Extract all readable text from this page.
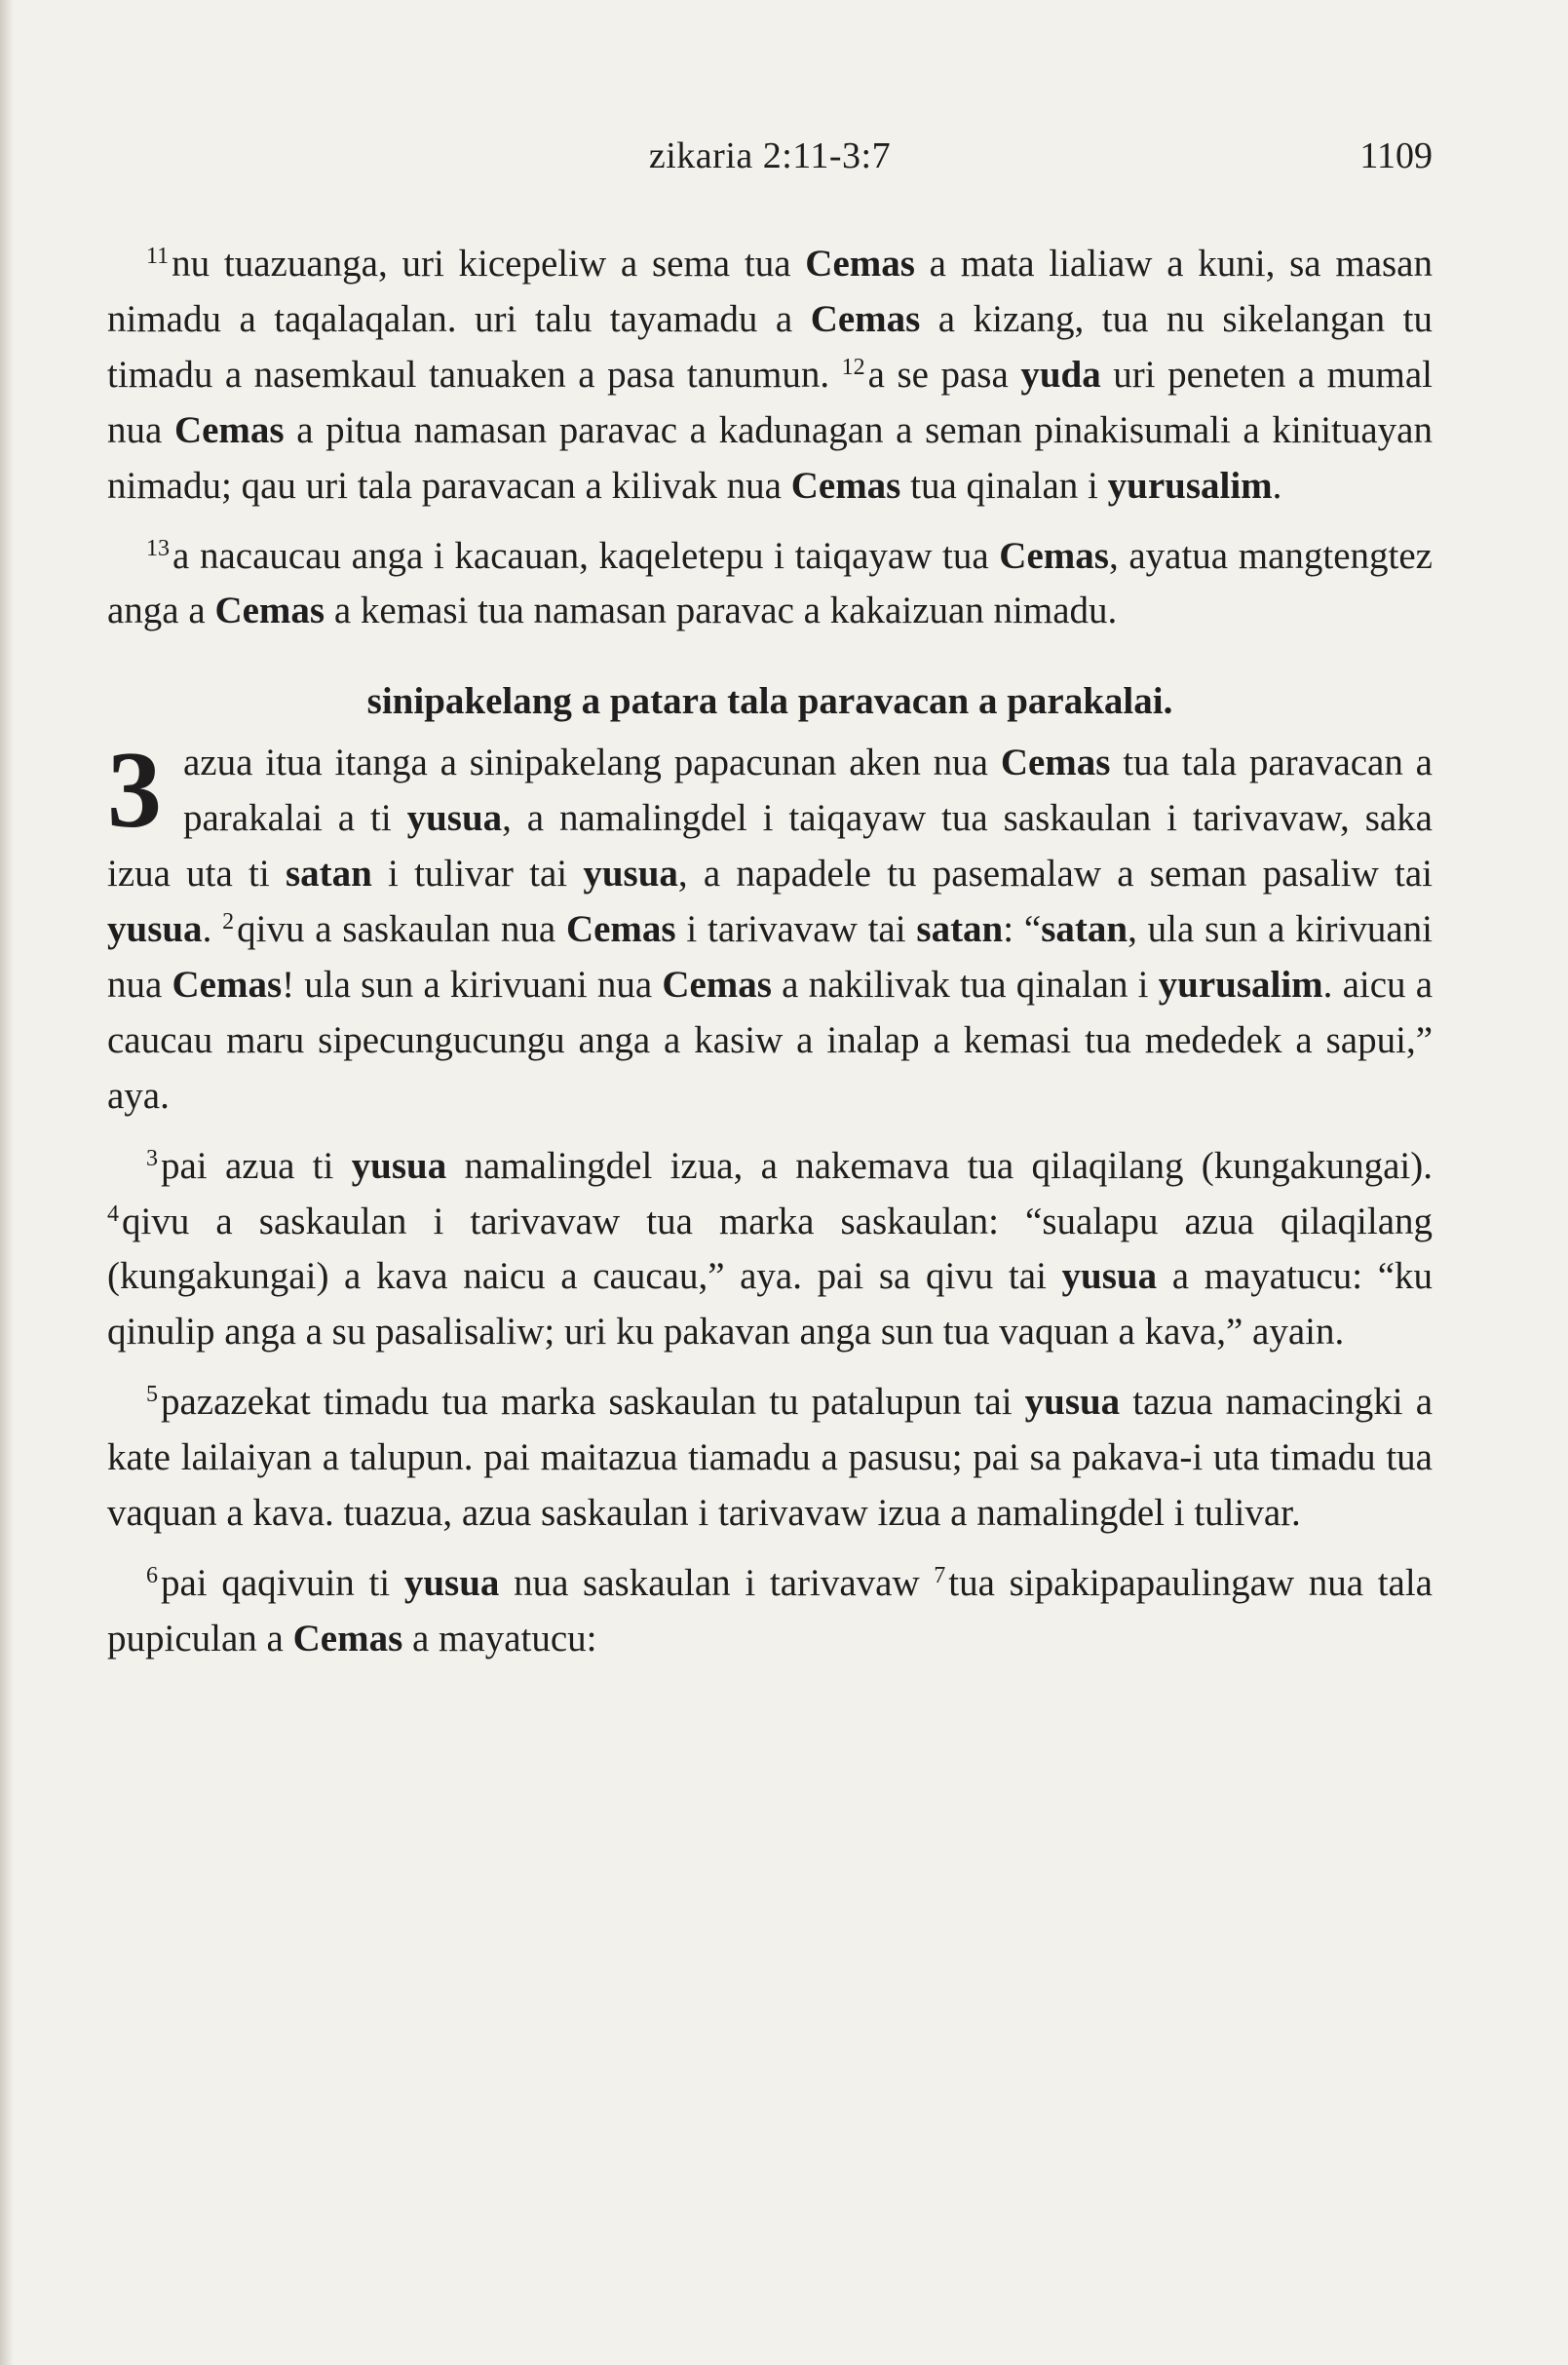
zikaria 2:11-3:7	1109

$^{11}$nu tuazuanga, uri kicepeliw a sema tua Cemas a mata lialiaw a kuni, sa masan nimadu a taqalaqalan. uri talu tayamadu a Cemas a kizang, tua nu sikelangan tu timadu a nasemkaul tanuaken a pasa tanumun. $^{12}$a se pasa yuda uri peneten a mumal nua Cemas a pitua namasan paravac a kadunagan a seman pinakisumali a kinituayan nimadu; qau uri tala paravacan a kilivak nua Cemas tua qinalan i yurusalim.

$^{13}$a nacaucau anga i kacauan, kaqeletepu i taiqayaw tua Cemas, ayatua mangtengtez anga a Cemas a kemasi tua namasan paravac a kakaizuan nimadu.

sinipakelang a patara tala paravacan a parakalai.

3 azua itua itanga a sinipakelang papacunan aken nua Cemas tua tala paravacan a parakalai a ti yusua, a namalingdel i taiqayaw tua saskaulan i tarivavaw, saka izua uta ti satan i tulivar tai yusua, a napadele tu pasemalaw a seman pasaliw tai yusua. $^2$qivu a saskaulan nua Cemas i tarivavaw tai satan: “satan, ula sun a kirivuani nua Cemas! ula sun a kirivuani nua Cemas a nakilivak tua qinalan i yurusalim. aicu a caucau maru sipecungucungu anga a kasiw a inalap a kemasi tua mededek a sapui,” aya.

$^3$pai azua ti yusua namalingdel izua, a nakemava tua qilaqilang (kungakungai). $^4$qivu a saskaulan i tarivavaw tua marka saskaulan: “sualapu azua qilaqilang (kungakungai) a kava naicu a caucau,” aya. pai sa qivu tai yusua a mayatucu: “ku qinulip anga a su pasalisaliw; uri ku pakavan anga sun tua vaquan a kava,” ayain.

$^5$pazazekat timadu tua marka saskaulan tu patalupun tai yusua tazua namacingki a kate lailaiyan a talupun. pai maitazua tiamadu a pasusu; pai sa pakava-i uta timadu tua vaquan a kava. tuazua, azua saskaulan i tarivavaw izua a namalingdel i tulivar.

$^6$pai qaqivuin ti yusua nua saskaulan i tarivavaw $^7$tua sipakipapaulingaw nua tala pupiculan a Cemas a mayatucu:
